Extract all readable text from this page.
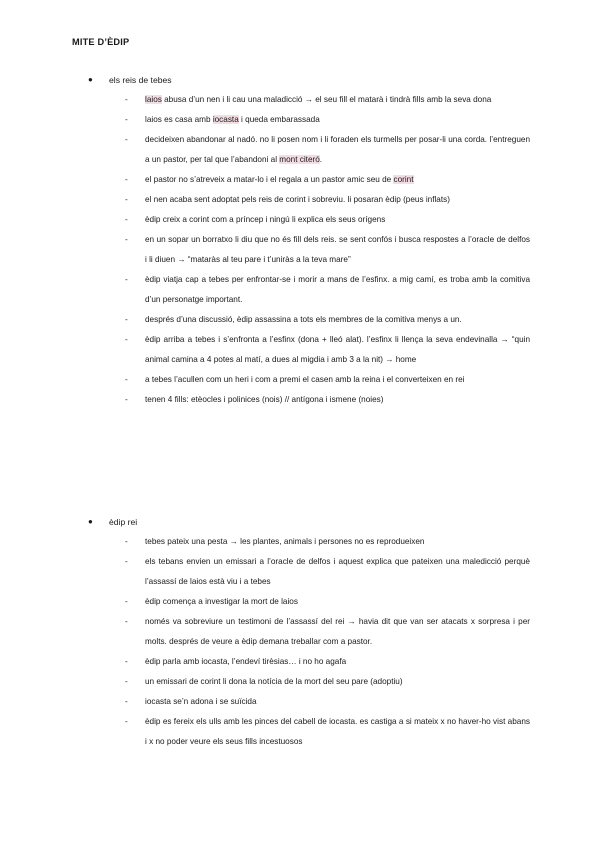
MITE D’ÈDIP
● els reis de tebes
- laios abusa d’un nen i li cau una maladicció → el seu fill el matarà i tindrà fills amb la seva dona
- laios es casa amb iocasta i queda embarassada
- decideixen abandonar al nadó. no li posen nom i li foraden els turmells per posar-li una corda. l’entreguen a un pastor, per tal que l’abandoni al mont citeró.
- el pastor no s’atreveix a matar-lo i el regala a un pastor amic seu de corint
- el nen acaba sent adoptat pels reis de corint i sobreviu. li posaran èdip (peus inflats)
- èdip creix a corint com a príncep i ningú li explica els seus orígens
- en un sopar un borratxo li diu que no és fill dels reis. se sent confós i busca respostes a l’oracle de delfos i li diuen → “mataràs al teu pare i t’uniràs a la teva mare”
- èdip viatja cap a tebes per enfrontar-se i morir a mans de l’esfinx. a mig camí, es troba amb la comitiva d’un personatge important.
- després d’una discussió, èdip assassina a tots els membres de la comitiva menys a un.
- èdip arriba a tebes i s’enfronta a l’esfinx (dona + lleó alat). l’esfinx li llença la seva endevinalla → “quin animal camina a 4 potes al matí, a dues al migdia i amb 3 a la nit) → home
- a tebes l’acullen com un heri i com a premi el casen amb la reina i el converteixen en rei
- tenen 4 fills: etèocles i polinices (nois) // antígona i ismene (noies)
● èdip rei
- tebes pateix una pesta → les plantes, animals i persones no es reprodueixen
- els tebans envien un emissari a l’oracle de delfos i aquest explica que pateixen una maledicció perquè l’assassí de laios està viu i a tebes
- èdip comença a investigar la mort de laios
- només va sobreviure un testimoni de l’assassí del rei → havia dit que van ser atacats x sorpresa i per molts. després de veure a èdip demana treballar com a pastor.
- èdip parla amb iocasta, l’endeví tirèsias… i no ho agafa
- un emissari de corint li dona la notícia de la mort del seu pare (adoptiu)
- iocasta se’n adona i se suïcida
- èdip es fereix els ulls amb les pinces del cabell de iocasta. es castiga a si mateix x no haver-ho vist abans i x no poder veure els seus fills incestuosos
